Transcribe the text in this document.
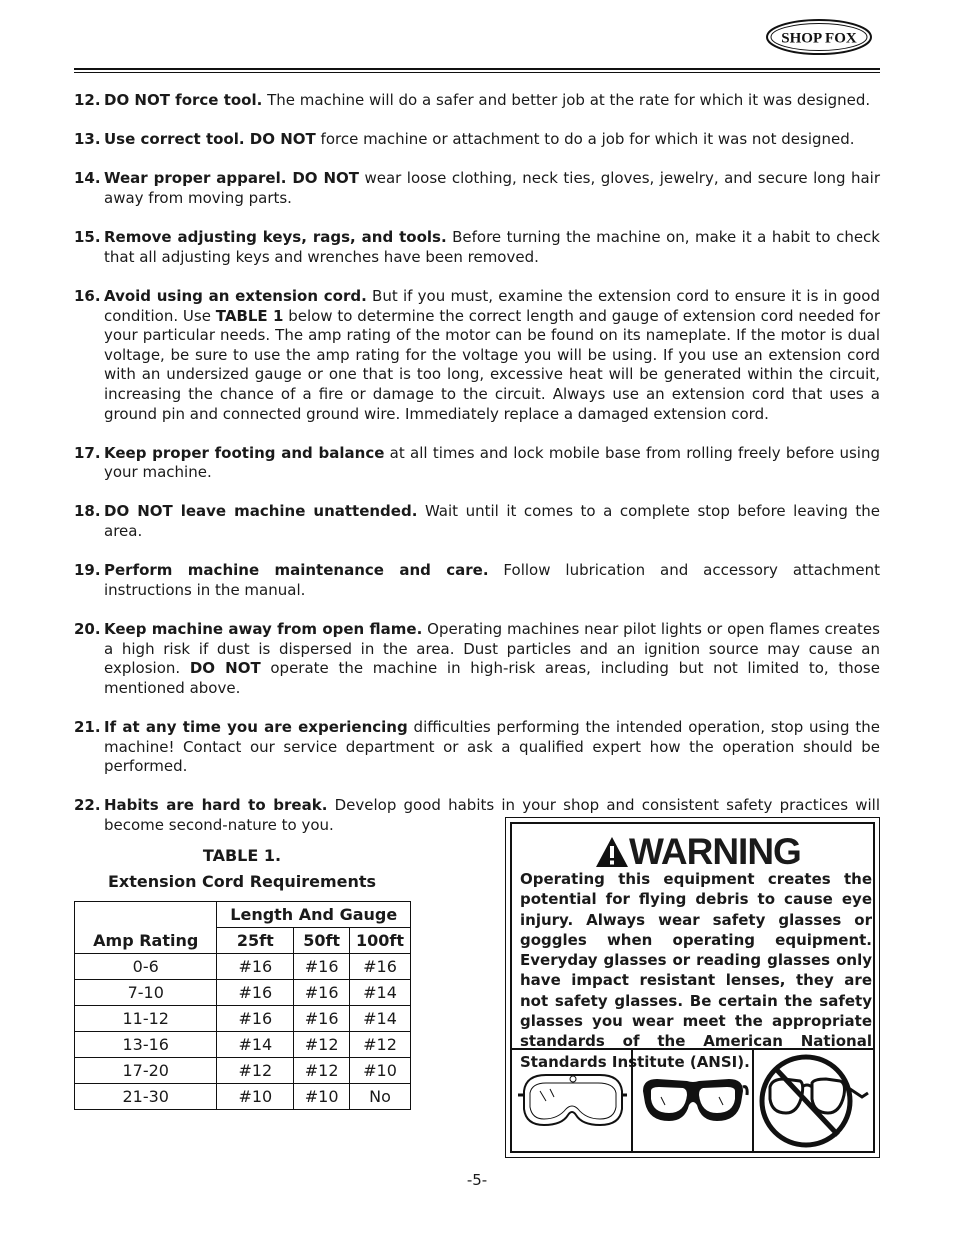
SHOP FOX
12. DO NOT force tool. The machine will do a safer and better job at the rate for which it was designed.
13. Use correct tool. DO NOT force machine or attachment to do a job for which it was not designed.
14. Wear proper apparel. DO NOT wear loose clothing, neck ties, gloves, jewelry, and secure long hair away from moving parts.
15. Remove adjusting keys, rags, and tools. Before turning the machine on, make it a habit to check that all adjusting keys and wrenches have been removed.
16. Avoid using an extension cord. But if you must, examine the extension cord to ensure it is in good condition. Use TABLE 1 below to determine the correct length and gauge of extension cord needed for your particular needs. The amp rating of the motor can be found on its nameplate. If the motor is dual voltage, be sure to use the amp rating for the voltage you will be using. If you use an extension cord with an undersized gauge or one that is too long, excessive heat will be generated within the circuit, increasing the chance of a fire or damage to the circuit. Always use an extension cord that uses a ground pin and connected ground wire. Immediately replace a damaged extension cord.
17. Keep proper footing and balance at all times and lock mobile base from rolling freely before using your machine.
18. DO NOT leave machine unattended. Wait until it comes to a complete stop before leaving the area.
19. Perform machine maintenance and care. Follow lubrication and accessory attachment instructions in the manual.
20. Keep machine away from open flame. Operating machines near pilot lights or open flames creates a high risk if dust is dispersed in the area. Dust particles and an ignition source may cause an explosion. DO NOT operate the machine in high-risk areas, including but not limited to, those mentioned above.
21. If at any time you are experiencing difficulties performing the intended operation, stop using the machine! Contact our service department or ask a qualified expert how the operation should be performed.
22. Habits are hard to break. Develop good habits in your shop and consistent safety practices will become second-nature to you.
TABLE 1.
Extension Cord Requirements
Amp Rating	Length And Gauge		
	25ft	50ft	100ft
0-6	#16	#16	#16
7-10	#16	#16	#14
11-12	#16	#16	#14
13-16	#14	#12	#12
17-20	#12	#12	#10
21-30	#10	#10	No
WARNING
Operating this equipment creates the potential for flying debris to cause eye injury. Always wear safety glasses or goggles when operating equipment. Everyday glasses or reading glasses only have impact resistant lenses, they are not safety glasses. Be certain the safety glasses you wear meet the appropriate standards of the American National Standards Institute (ANSI).
-5-
